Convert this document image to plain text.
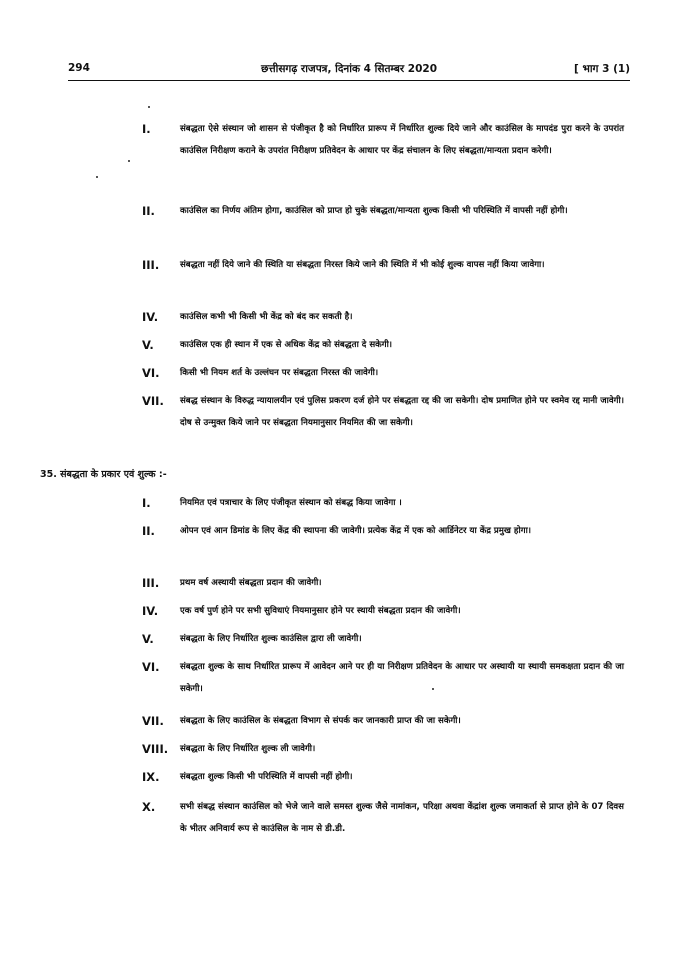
294	छत्तीसगढ़ राजपत्र, दिनांक 4 सितम्बर 2020	[ भाग 3 (1)
I.	संबद्धता ऐसे संस्थान जो शासन से पंजीकृत है को निर्धारित प्रारूप में निर्धारित शुल्क दिये जाने और काउंसिल के मापदंड पुरा करने के उपरांत काउंसिल निरीक्षण कराने के उपरांत निरीक्षण प्रतिवेदन के आधार पर केंद्र संचालन के लिए संबद्धता/मान्यता प्रदान करेगी।
II.	काउंसिल का निर्णय अंतिम होगा, काउंसिल को प्राप्त हो चुके संबद्धता/मान्यता शुल्क किसी भी परिस्थिति में वापसी नहीं होगी।
III.	संबद्धता नहीं दिये जाने की स्थिति या संबद्धता निरस्त किये जाने की स्थिति में भी कोई शुल्क वापस नहीं किया जावेगा।
IV.	काउंसिल कभी भी किसी भी केंद्र को बंद कर सकती है।
V.	काउंसिल एक ही स्थान में एक से अधिक केंद्र को संबद्धता दे सकेगी।
VI.	किसी भी नियम शर्त के उल्लंघन पर संबद्धता निरस्त की जावेगी।
VII.	संबद्ध संस्थान के विरुद्ध न्यायालयीन एवं पुलिस प्रकरण दर्ज होने पर संबद्धता रद्द की जा सकेगी। दोष प्रमाणित होने पर स्वमेव रद्द मानी जावेगी। दोष से उन्मुक्त किये जाने पर संबद्धता नियमानुसार नियमित की जा सकेगी।
35. संबद्धता के प्रकार एवं शुल्क :-
I.	नियमित एवं पत्राचार के लिए पंजीकृत संस्थान को संबद्ध किया जावेगा ।
II.	ओपन एवं आन डिमांड के लिए केंद्र की स्थापना की जावेगी। प्रत्येक केंद्र में एक को आर्डिनेटर या केंद्र प्रमुख होगा।
III.	प्रथम वर्ष अस्थायी संबद्धता प्रदान की जावेगी।
IV.	एक वर्ष पुर्ण होने पर सभी सुविधाएं नियमानुसार होने पर स्थायी संबद्धता प्रदान की जावेगी।
V.	संबद्धता के लिए निर्धारित शुल्क काउंसिल द्वारा ली जावेगी।
VI.	संबद्धता शुल्क के साथ निर्धारित प्रारूप में आवेदन आने पर ही या निरीक्षण प्रतिवेदन के आधार पर अस्थायी या स्थायी समकक्षता प्रदान की जा सकेगी।
VII.	संबद्धता के लिए काउंसिल के संबद्धता विभाग से संपर्क कर जानकारी प्राप्त की जा सकेगी।
VIII.	संबद्धता के लिए निर्धारित शुल्क ली जावेगी।
IX.	संबद्धता शुल्क किसी भी परिस्थिति में वापसी नहीं होगी।
X.	सभी संबद्ध संस्थान काउंसिल को भेजे जाने वाले समस्त शुल्क जैसे नामांकन, परिक्षा अथवा केंद्रांश शुल्क जमाकर्ता से प्राप्त होने के 07 दिवस के भीतर अनिवार्य रूप से काउंसिल के नाम से डी.डी.
